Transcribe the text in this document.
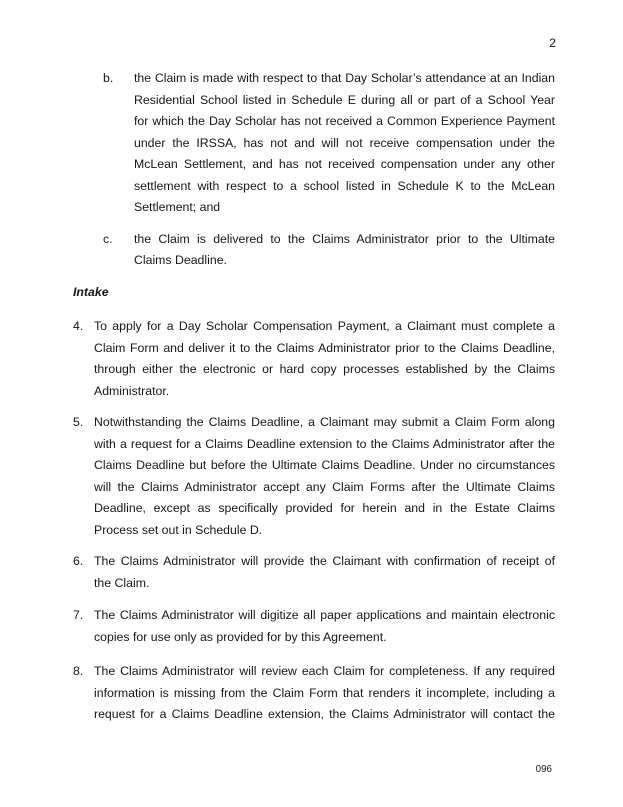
2
b.	the Claim is made with respect to that Day Scholar’s attendance at an Indian
Residential School listed in Schedule E during all or part of a School Year
for which the Day Scholar has not received a Common Experience Payment
under the IRSSA, has not and will not receive compensation under the
McLean Settlement, and has not received compensation under any other
settlement with respect to a school listed in Schedule K to the McLean
Settlement; and
c.	the Claim is delivered to the Claims Administrator prior to the Ultimate
Claims Deadline.
Intake
4. To apply for a Day Scholar Compensation Payment, a Claimant must complete a
Claim Form and deliver it to the Claims Administrator prior to the Claims Deadline,
through either the electronic or hard copy processes established by the Claims
Administrator.
5. Notwithstanding the Claims Deadline, a Claimant may submit a Claim Form along
with a request for a Claims Deadline extension to the Claims Administrator after the
Claims Deadline but before the Ultimate Claims Deadline. Under no circumstances
will the Claims Administrator accept any Claim Forms after the Ultimate Claims
Deadline, except as specifically provided for herein and in the Estate Claims
Process set out in Schedule D.
6. The Claims Administrator will provide the Claimant with confirmation of receipt of
the Claim.
7. The Claims Administrator will digitize all paper applications and maintain electronic
copies for use only as provided for by this Agreement.
8. The Claims Administrator will review each Claim for completeness. If any required
information is missing from the Claim Form that renders it incomplete, including a
request for a Claims Deadline extension, the Claims Administrator will contact the
096
